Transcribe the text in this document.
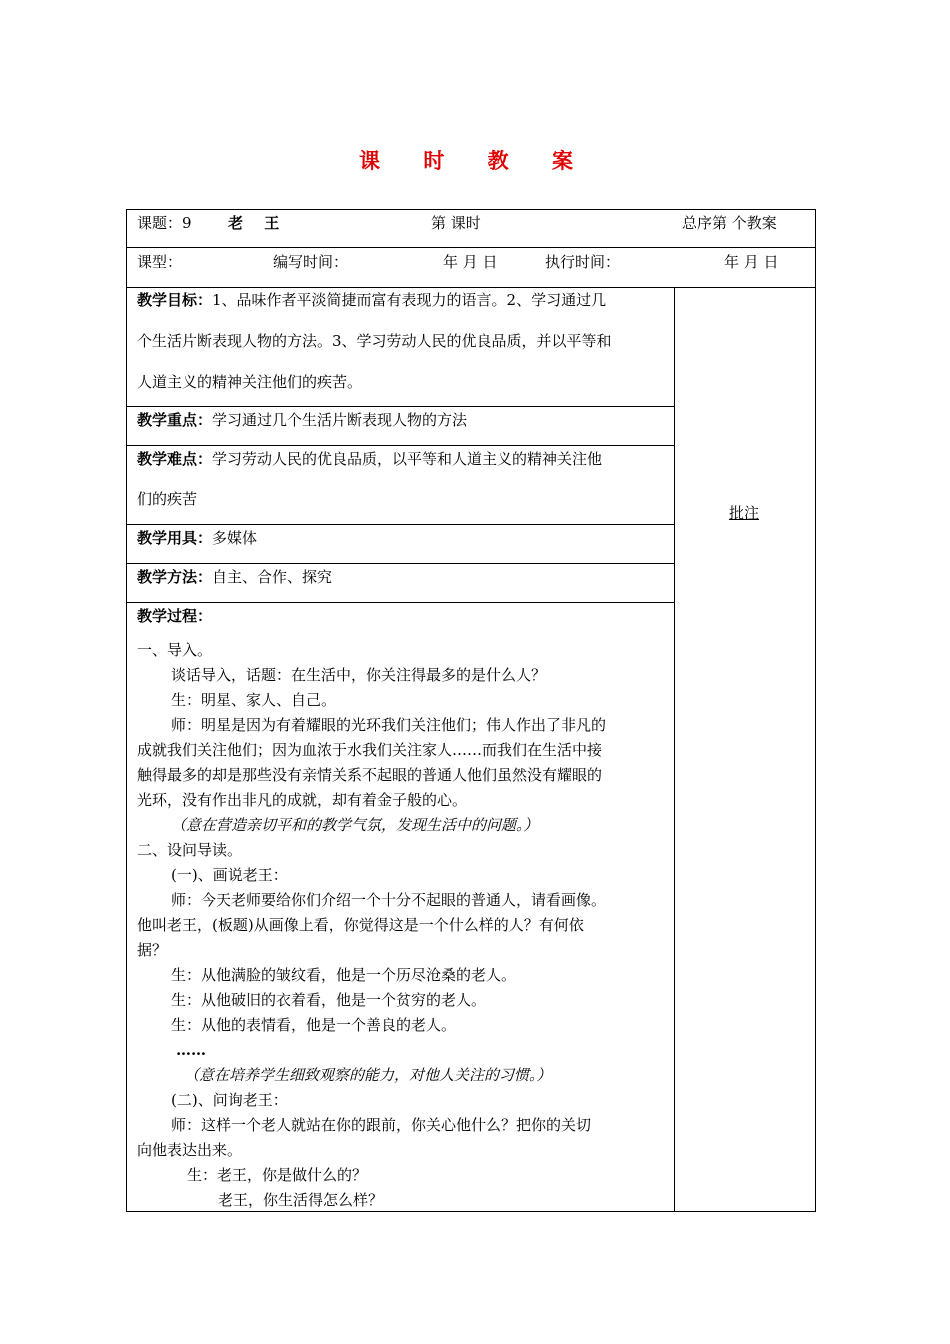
课 时 教 案
课题：9 老 王	第 课时	总序第 个教案
课型：	编写时间：	年 月 日	执行时间：	年 月 日
教学目标：1、品味作者平淡简捷而富有表现力的语言。2、学习通过几
个生活片断表现人物的方法。3、学习劳动人民的优良品质，并以平等和
人道主义的精神关注他们的疾苦。
教学重点：学习通过几个生活片断表现人物的方法
教学难点：学习劳动人民的优良品质，以平等和人道主义的精神关注他
们的疾苦
教学用具：多媒体
教学方法：自主、合作、探究
教学过程：
批注
一、导入。
谈话导入，话题：在生活中，你关注得最多的是什么人？
生：明星、家人、自己。
师：明星是因为有着耀眼的光环我们关注他们；伟人作出了非凡的
成就我们关注他们；因为血浓于水我们关注家人……而我们在生活中接
触得最多的却是那些没有亲情关系不起眼的普通人他们虽然没有耀眼的
光环，没有作出非凡的成就，却有着金子般的心。
（意在营造亲切平和的教学气氛，发现生活中的问题。）
二、设问导读。
(一)、画说老王：
师：今天老师要给你们介绍一个十分不起眼的普通人，请看画像。
他叫老王，(板题)从画像上看，你觉得这是一个什么样的人？有何依
据？
生：从他满脸的皱纹看，他是一个历尽沧桑的老人。
生：从他破旧的衣着看，他是一个贫穷的老人。
生：从他的表情看，他是一个善良的老人。
……
（意在培养学生细致观察的能力，对他人关注的习惯。）
(二)、问询老王：
师：这样一个老人就站在你的跟前，你关心他什么？把你的关切
向他表达出来。
生：老王，你是做什么的？
老王，你生活得怎么样？
